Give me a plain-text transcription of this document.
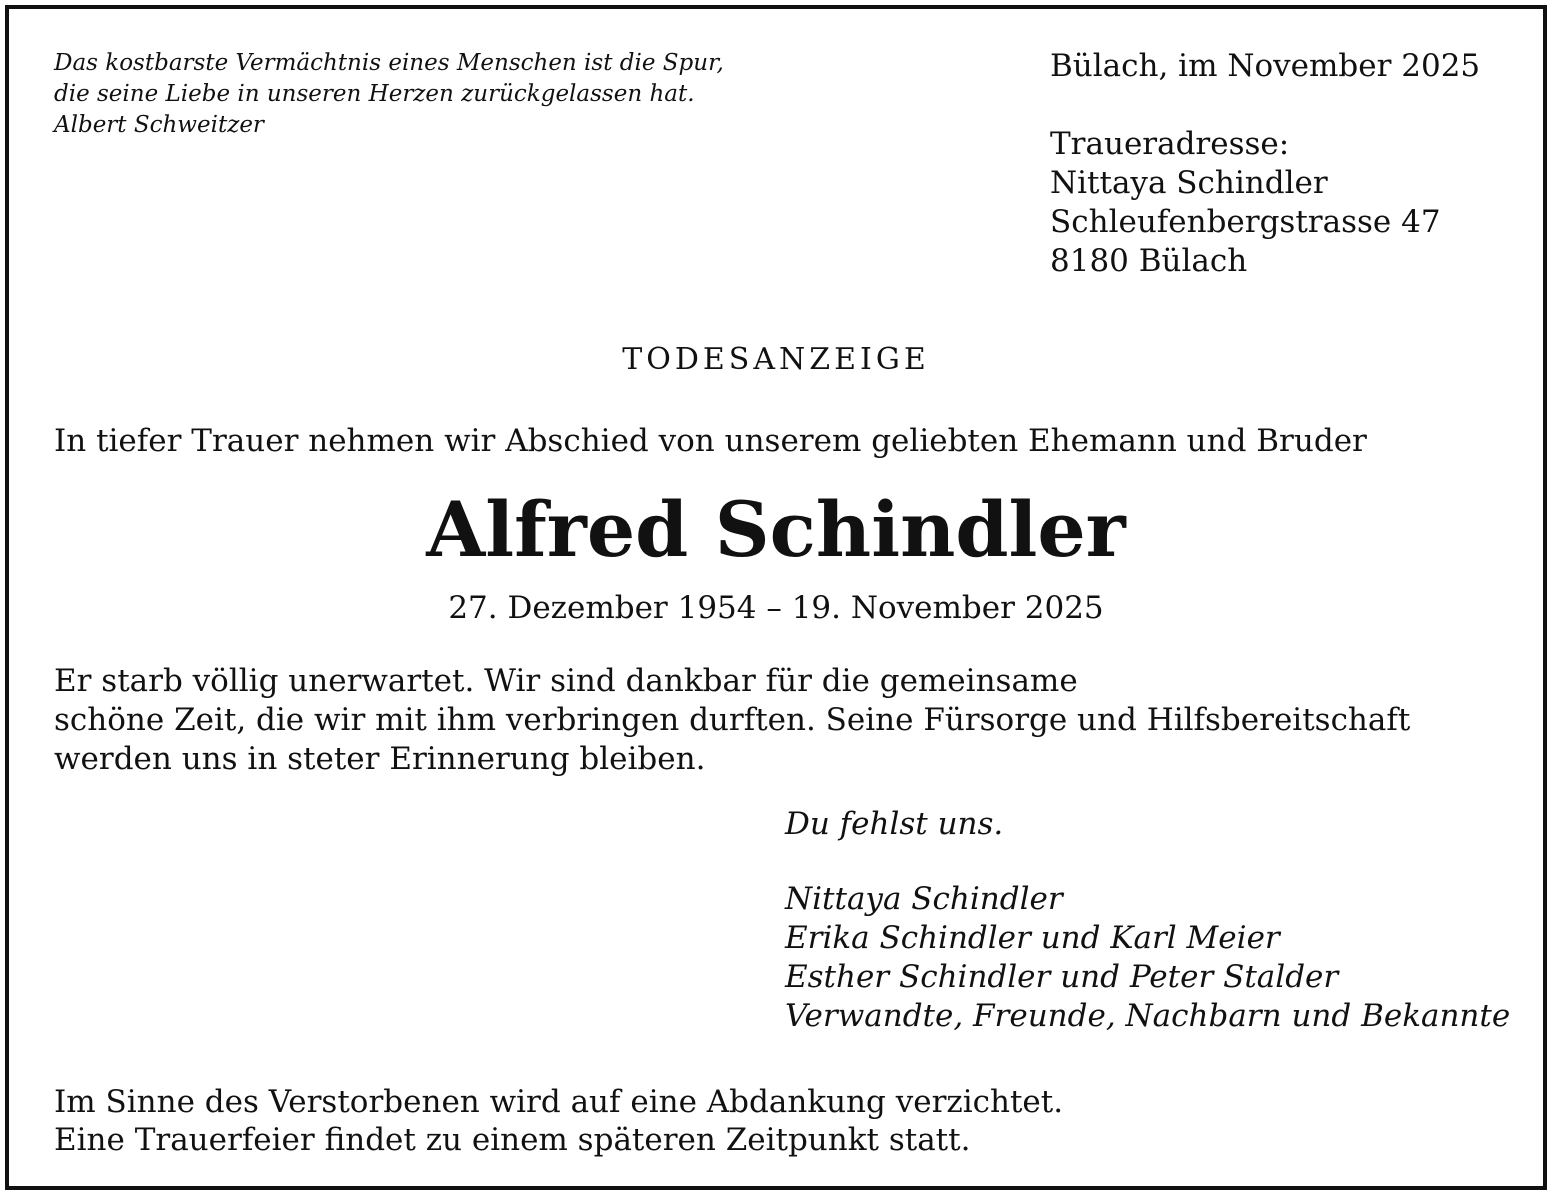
Das kostbarste Vermächtnis eines Menschen ist die Spur,
die seine Liebe in unseren Herzen zurückgelassen hat.
Albert Schweitzer
Bülach, im November 2025
Traueradresse:
Nittaya Schindler
Schleufenbergstrasse 47
8180 Bülach
TODESANZEIGE
In tiefer Trauer nehmen wir Abschied von unserem geliebten Ehemann und Bruder
Alfred Schindler
27. Dezember 1954 – 19. November 2025
Er starb völlig unerwartet. Wir sind dankbar für die gemeinsame
schöne Zeit, die wir mit ihm verbringen durften. Seine Fürsorge und Hilfsbereitschaft
werden uns in steter Erinnerung bleiben.
Du fehlst uns.
Nittaya Schindler
Erika Schindler und Karl Meier
Esther Schindler und Peter Stalder
Verwandte, Freunde, Nachbarn und Bekannte
Im Sinne des Verstorbenen wird auf eine Abdankung verzichtet.
Eine Trauerfeier findet zu einem späteren Zeitpunkt statt.
